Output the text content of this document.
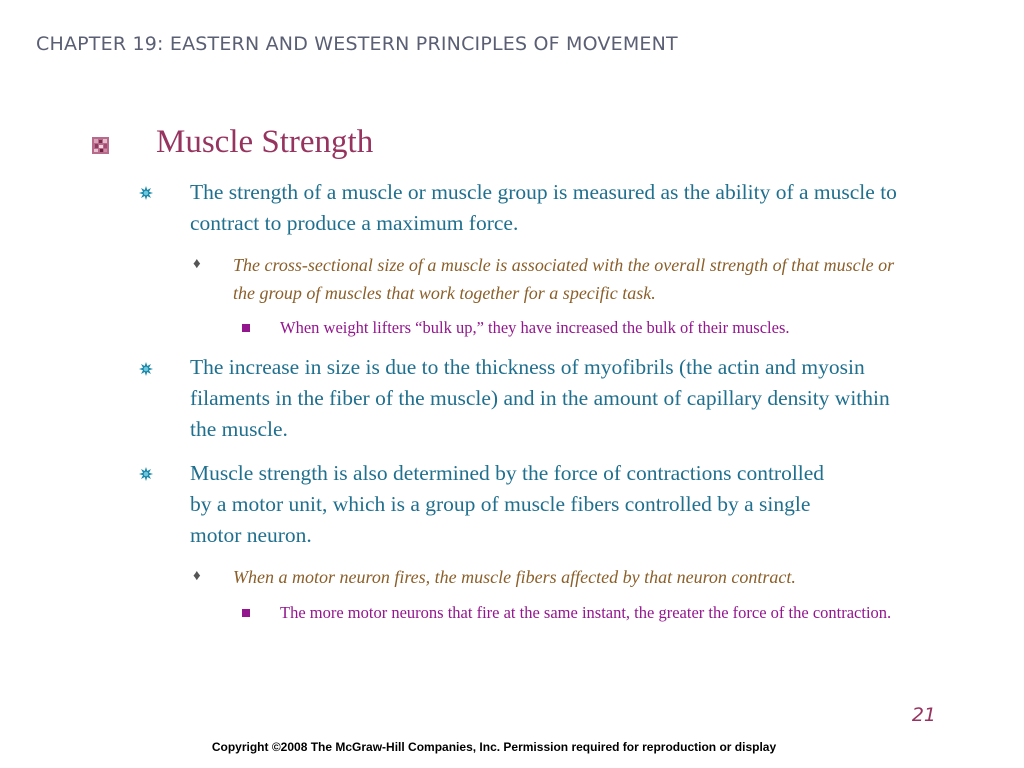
CHAPTER 19: EASTERN AND WESTERN PRINCIPLES OF MOVEMENT
Muscle Strength
The strength of a muscle or muscle group is measured as the ability of a muscle to contract to produce a maximum force.
♦ The cross-sectional size of a muscle is associated with the overall strength of that muscle or the group of muscles that work together for a specific task.
When weight lifters “bulk up,” they have increased the bulk of their muscles.
The increase in size is due to the thickness of myofibrils (the actin and myosin filaments in the fiber of the muscle) and in the amount of capillary density within the muscle.
Muscle strength is also determined by the force of contractions controlled by a motor unit, which is a group of muscle fibers controlled by a single motor neuron.
♦ When a motor neuron fires, the muscle fibers affected by that neuron contract.
The more motor neurons that fire at the same instant, the greater the force of the contraction.
21
Copyright ©2008 The McGraw-Hill Companies, Inc. Permission required for reproduction or display
